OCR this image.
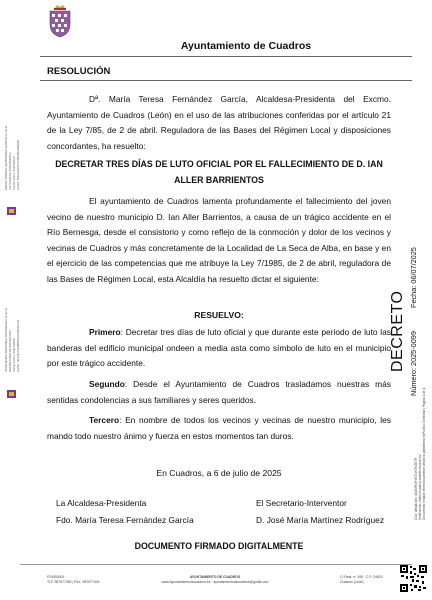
Ayuntamiento de Cuadros
RESOLUCIÓN

Dª. María Teresa Fernández García, Alcaldesa-Presidenta del Excmo. Ayuntamiento de Cuadros (León) en el uso de las atribuciones conferidas por el artículo 21 de la Ley 7/85, de 2 de abril. Reguladora de las Bases del Régimen Local y disposiciones concordantes, ha resuelto:

DECRETAR TRES DÍAS DE LUTO OFICIAL POR EL FALLECIMIENTO DE D. IAN ALLER BARRIENTOS

El ayuntamiento de Cuadros lamenta profundamente el fallecimiento del joven vecino de nuestro municipio D. Ian Aller Barrientos, a causa de un trágico accidente en el Río Bernesga, desde el consistorio y como reflejo de la conmoción y dolor de los vecinos y vecinas de Cuadros y más concretamente de la Localidad de La Seca de Alba, en base y en el ejercicio de las competencias que me atribuye la Ley 7/1985, de 2 de abril, reguladora de las Bases de Régimen Local, esta Alcaldía ha resuelto dictar el siguiente:

RESUELVO:

Primero: Decretar tres días de luto oficial y que durante este periodo de luto las banderas del edificio municipal ondeen a media asta como símbolo de luto en el municipio por este trágico accidente.

Segundo: Desde el Ayuntamiento de Cuadros trasladamos nuestras más sentidas condolencias a sus familiares y seres queridos.

Tercero: En nombre de todos los vecinos y vecinas de nuestro municipio, les mando todo nuestro ánimo y fuerza en estos momentos tan duros.

En Cuadros, a 6 de julio de 2025
La Alcaldesa-Presidenta
Fdo. María Teresa Fernández García
El Secretario-Interventor
D. José María Martínez Rodríguez
DOCUMENTO FIRMADO DIGITALMENTE
MARIA TERESA FERNANDEZ GARCIA (1 de 2) ALCALDESA-PRESIDENTA Fecha Firma: 06/07/2025 HASH: 8f3c2a9d1b7e4f06a5c2d8e9f1
JOSE MARIA MARTINEZ RODRIGUEZ (2 de 2) SECRETARIO-INTERVENTOR Fecha Firma: 06/07/2025 HASH: 4b1e9c7a2d5f8e03c6a9b2d7e4	DECRETO Número: 2025-0099
Fecha: 06/07/2025
Cód. Validación: 4AGMR4HYE7DK7KGE7R Verificación: https://cuadros.sedelectronica.es/ Documento firmado electrónicamente desde la plataforma esPublico Gestiona | Página 1 de 1
P2405000J
TLF. 987577083 | FAX. 987577404
AYUNTAMIENTO DE CUADROS
www.ayuntamientodecuadros.es · ayuntamientodecuadros@gmail.com
C/ Real, nº 108 · C.P. 24620
Cuadros (León)
